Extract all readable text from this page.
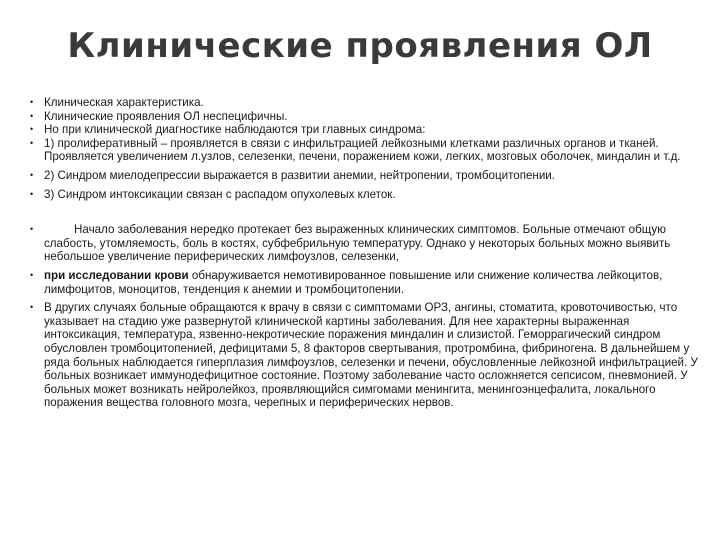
Клинические проявления ОЛ
• Клиническая характеристика.
• Клинические проявления ОЛ неспецифичны.
• Но при клинической диагностике наблюдаются три главных синдрома:
• 1) пролиферативный – проявляется в связи с инфильтрацией лейкозными клетками различных органов и тканей. Проявляется увеличением л.узлов, селезенки, печени, поражением кожи, легких, мозговых оболочек, миндалин и т.д.
• 2) Синдром миелодепрессии выражается в развитии анемии, нейтропении, тромбоцитопении.
• 3) Синдром интоксикации связан с распадом опухолевых клеток.
•	Начало заболевания нередко протекает без выраженных клинических симптомов. Больные отмечают общую слабость, утомляемость, боль в костях, субфебрильную температуру. Однако у некоторых больных можно выявить небольшое увеличение периферических лимфоузлов, селезенки,
• при исследовании крови обнаруживается немотивированное повышение или снижение количества лейкоцитов, лимфоцитов, моноцитов, тенденция к анемии и тромбоцитопении.
• В других случаях больные обращаются к врачу в связи с симптомами ОРЗ, ангины, стоматита, кровоточивостью, что указывает на стадию уже развернутой клинической картины заболевания. Для нее характерны выраженная интоксикация, температура, язвенно-некротические поражения миндалин и слизистой. Геморрагический синдром обусловлен тромбоцитопенией, дефицитами 5, 8 факторов свертывания, протромбина, фибриногена. В дальнейшем у ряда больных наблюдается гиперплазия лимфоузлов, селезенки и печени, обусловленные лейкозной инфильтрацией. У больных возникает иммунодефицитное состояние. Поэтому заболевание часто осложняется сепсисом, пневмонией. У больных может возникать нейролейкоз, проявляющийся симгомами менингита, менингоэнцефалита, локального поражения вещества головного мозга, черепных и периферических нервов.
